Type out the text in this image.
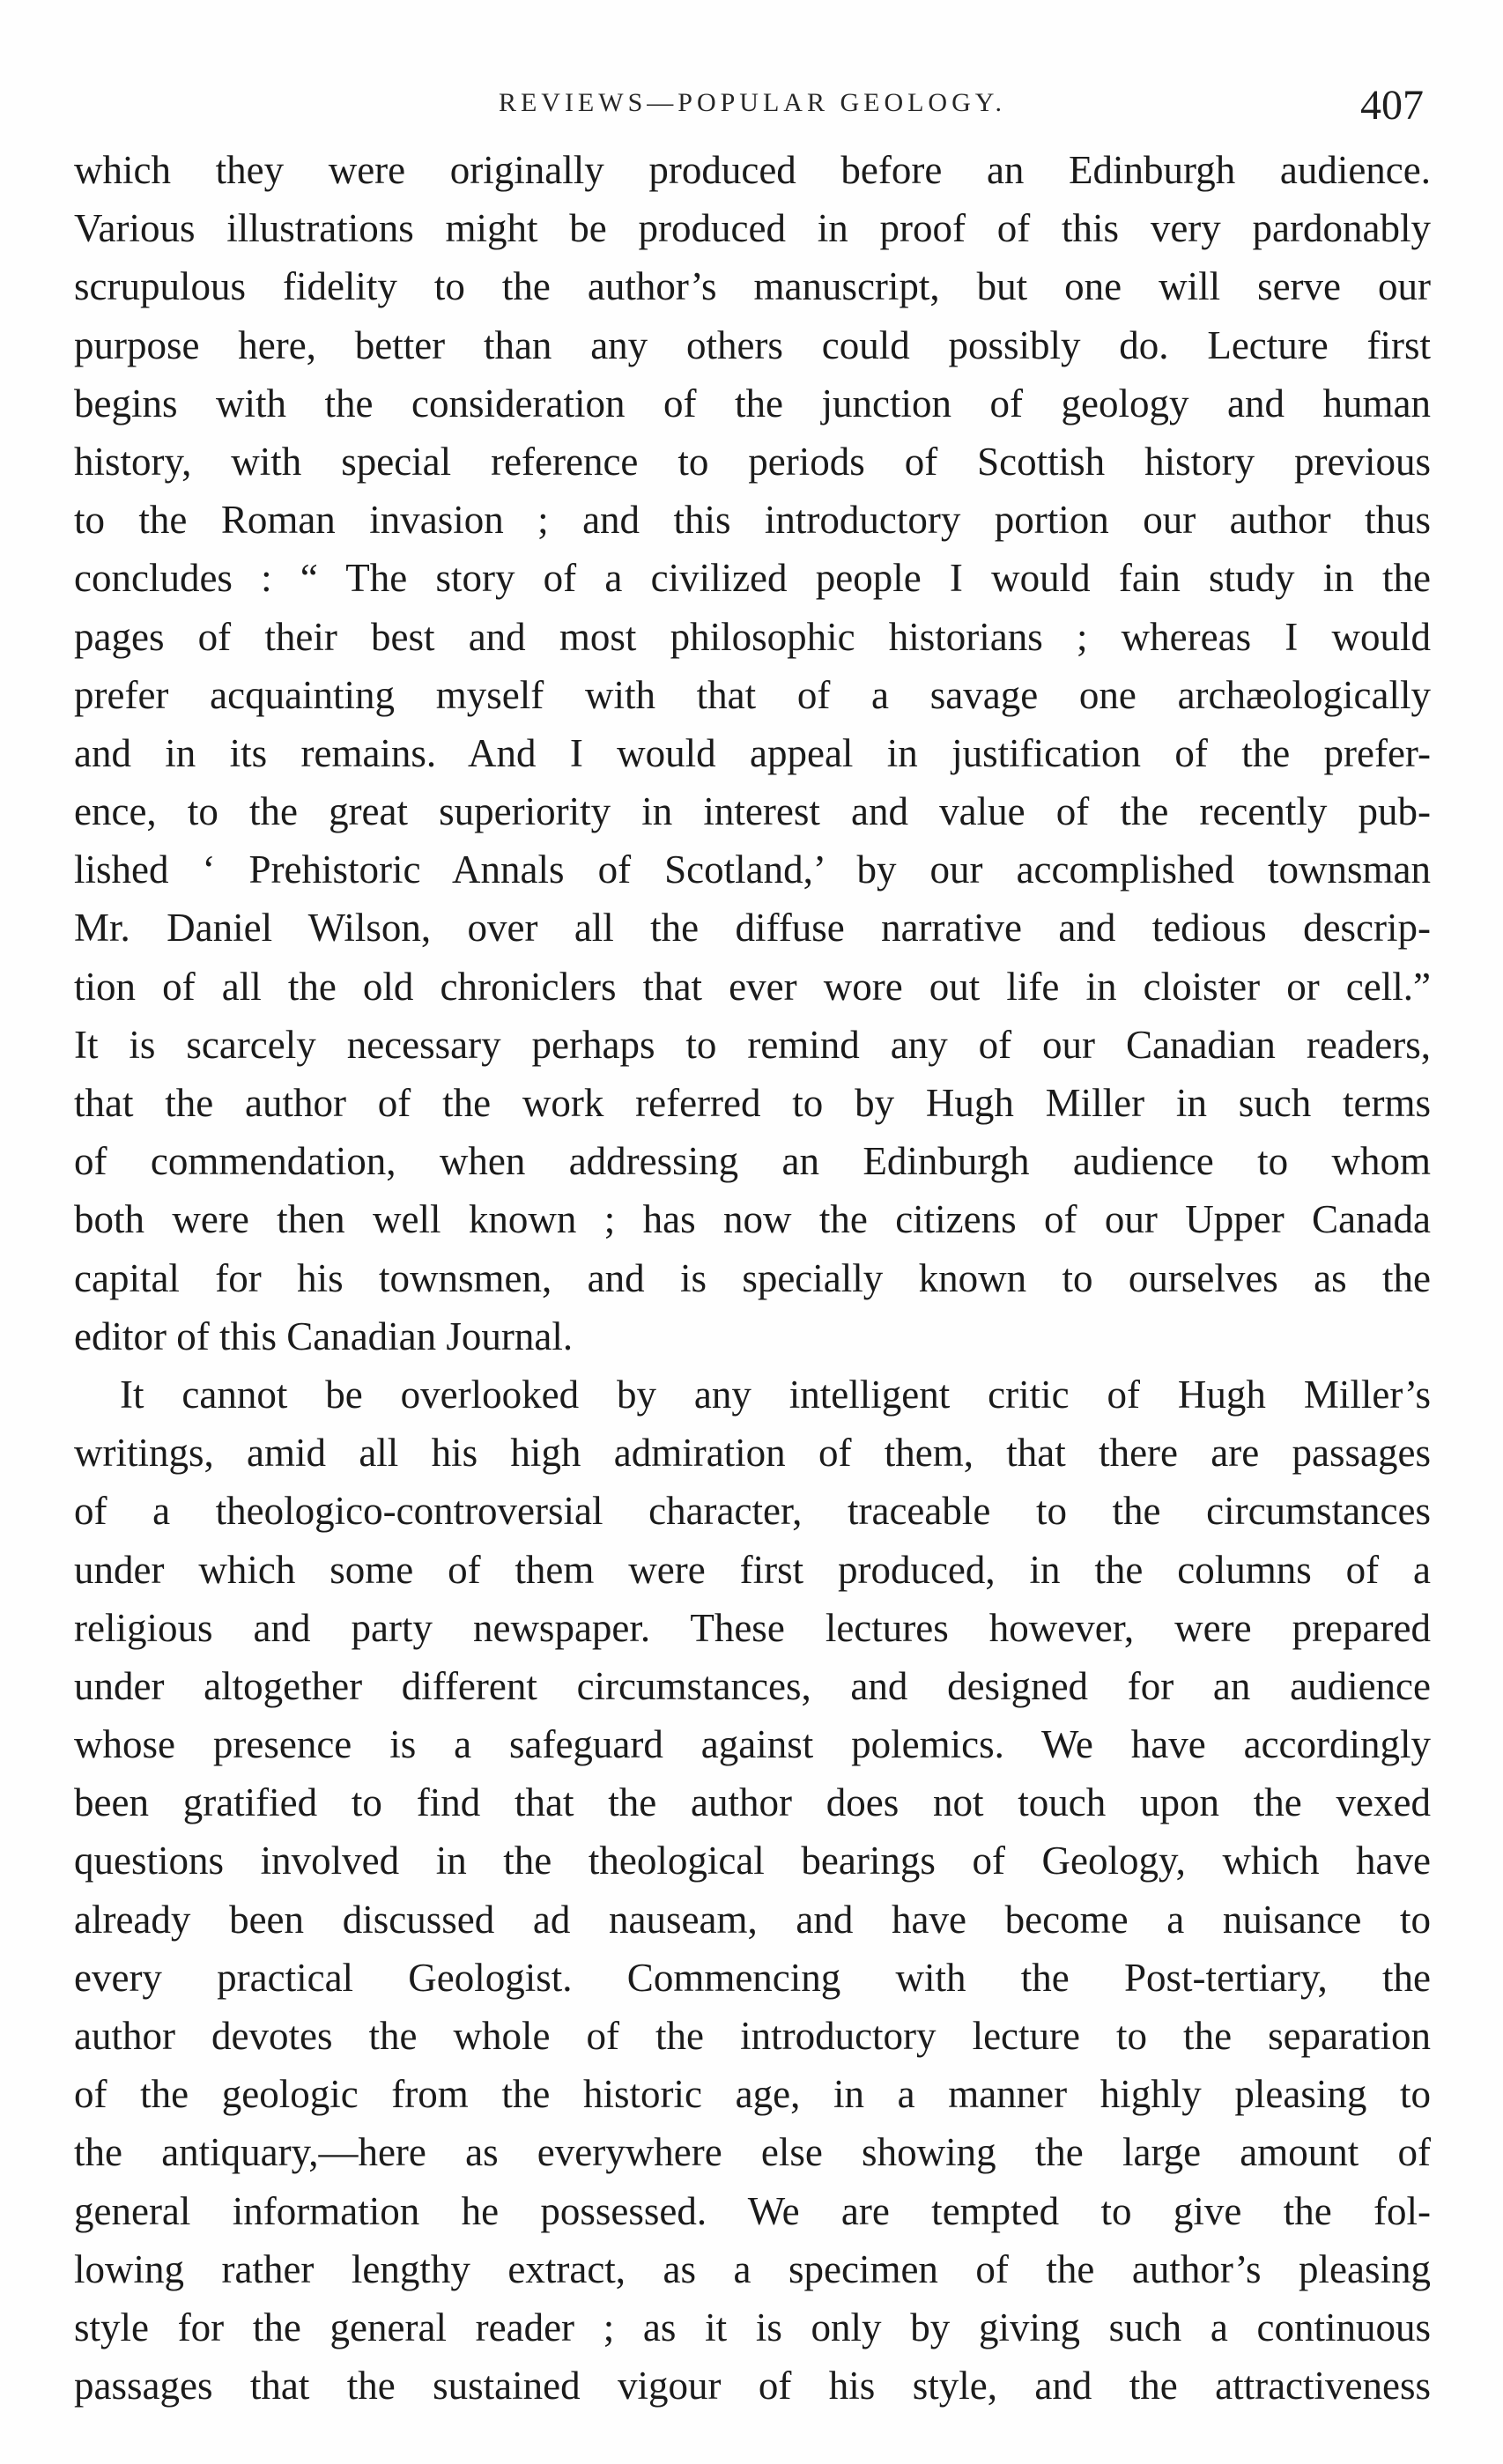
REVIEWS—POPULAR GEOLOGY.	407
which they were originally produced before an Edinburgh audience.
Various illustrations might be produced in proof of this very pardonably
scrupulous fidelity to the author’s manuscript, but one will serve our
purpose here, better than any others could possibly do. Lecture first
begins with the consideration of the junction of geology and human
history, with special reference to periods of Scottish history previous
to the Roman invasion ; and this introductory portion our author thus
concludes : “ The story of a civilized people I would fain study in the
pages of their best and most philosophic historians ; whereas I would
prefer acquainting myself with that of a savage one archæologically
and in its remains. And I would appeal in justification of the prefer-
ence, to the great superiority in interest and value of the recently pub-
lished ‘ Prehistoric Annals of Scotland,’ by our accomplished townsman
Mr. Daniel Wilson, over all the diffuse narrative and tedious descrip-
tion of all the old chroniclers that ever wore out life in cloister or cell.”
It is scarcely necessary perhaps to remind any of our Canadian readers,
that the author of the work referred to by Hugh Miller in such terms
of commendation, when addressing an Edinburgh audience to whom
both were then well known ; has now the citizens of our Upper Canada
capital for his townsmen, and is specially known to ourselves as the
editor of this Canadian Journal.
It cannot be overlooked by any intelligent critic of Hugh Miller’s
writings, amid all his high admiration of them, that there are passages
of a theologico-controversial character, traceable to the circumstances
under which some of them were first produced, in the columns of a
religious and party newspaper. These lectures however, were prepared
under altogether different circumstances, and designed for an audience
whose presence is a safeguard against polemics. We have accordingly
been gratified to find that the author does not touch upon the vexed
questions involved in the theological bearings of Geology, which have
already been discussed ad nauseam, and have become a nuisance to
every practical Geologist. Commencing with the Post-tertiary, the
author devotes the whole of the introductory lecture to the separation
of the geologic from the historic age, in a manner highly pleasing to
the antiquary,—here as everywhere else showing the large amount of
general information he possessed. We are tempted to give the fol-
lowing rather lengthy extract, as a specimen of the author’s pleasing
style for the general reader ; as it is only by giving such a continuous
passages that the sustained vigour of his style, and the attractiveness
